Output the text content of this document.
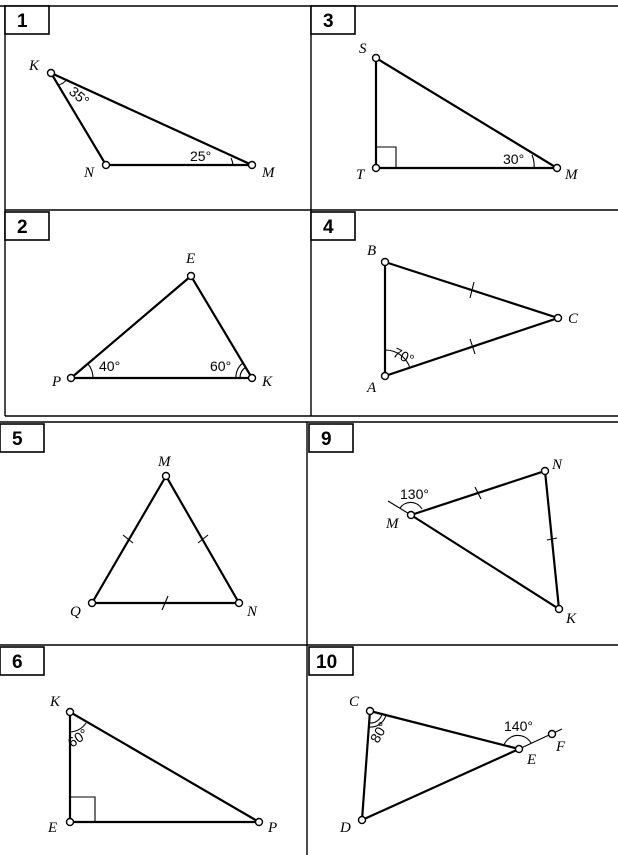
1
K
N	M
35°
25°
3
S
T	M
30°
2
E
P	K
40°	60°
4
B
C
A
70°
5
M
Q	N
9
N
M
K
130°
6
K
E	P
60°
10
C
D
E
F
80°	140°
